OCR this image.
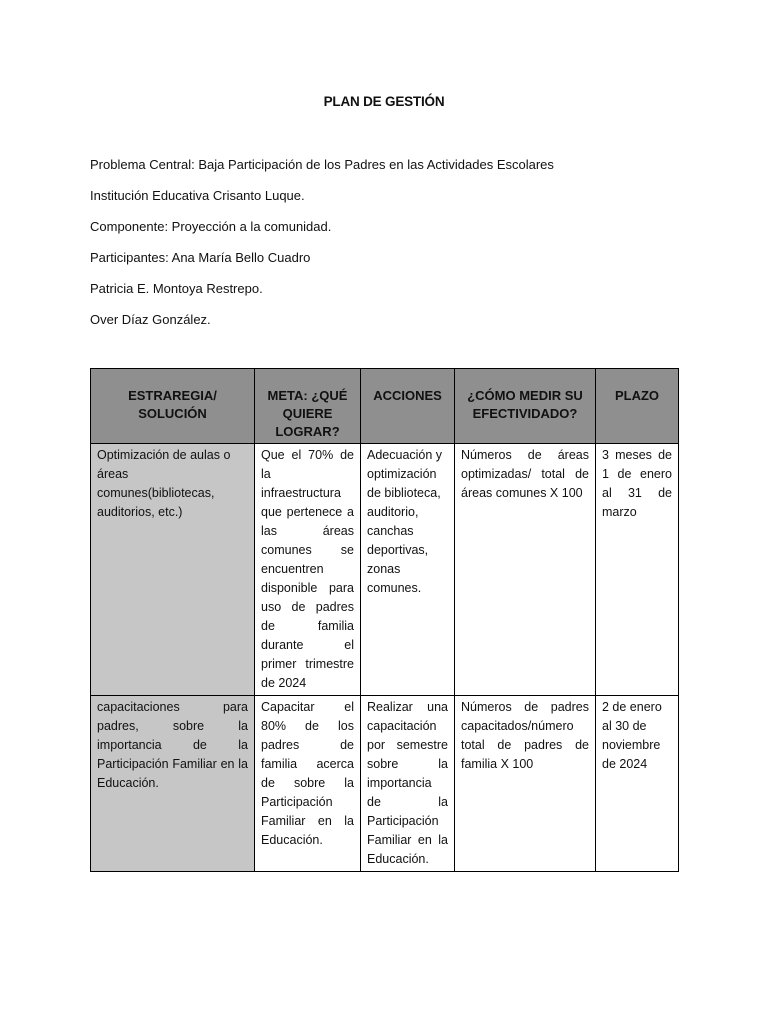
PLAN DE GESTIÓN
Problema Central: Baja Participación de los Padres en las Actividades Escolares
Institución Educativa Crisanto Luque.
Componente: Proyección a la comunidad.
Participantes: Ana María Bello Cuadro
Patricia E. Montoya Restrepo.
Over Díaz González.
ESTRAREGIA/ SOLUCIÓN	META: ¿QUÉ QUIERE LOGRAR?	ACCIONES	¿CÓMO MEDIR SU EFECTIVIDADO?	PLAZO
Optimización de aulas o áreas comunes(bibliotecas, auditorios, etc.)	Que el 70% de la infraestructura que pertenece a las áreas comunes se encuentren disponible para uso de padres de familia durante el primer trimestre de 2024	Adecuación y optimización de biblioteca, auditorio, canchas deportivas, zonas comunes.	Números de áreas optimizadas/ total de áreas comunes X 100	3 meses de 1 de enero al 31 de marzo
capacitaciones para padres, sobre la importancia de la Participación Familiar en la Educación.	Capacitar el 80% de los padres de familia acerca de sobre la Participación Familiar en la Educación.	Realizar una capacitación por semestre sobre la importancia de la Participación Familiar en la Educación.	Números de padres capacitados/número total de padres de familia X 100	2 de enero al 30 de noviembre de 2024
